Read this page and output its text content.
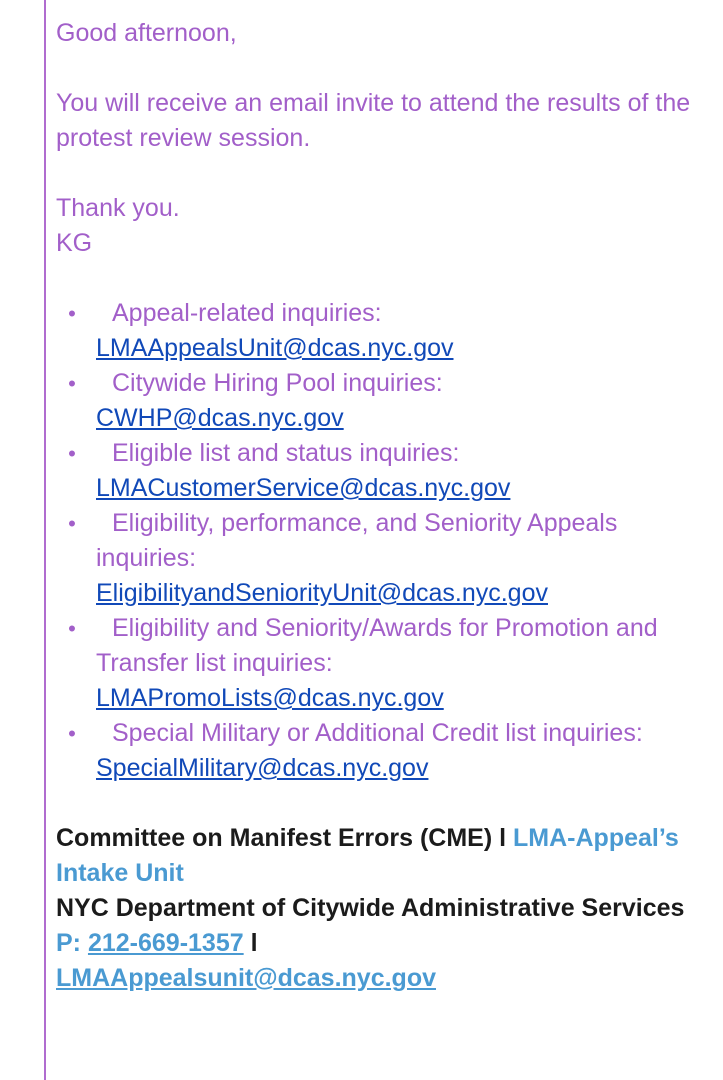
Good afternoon,

You will receive an email invite to attend the results of the protest review session.

Thank you.

KG

• Appeal-related inquiries:
LMAAppealsUnit@dcas.nyc.gov
• Citywide Hiring Pool inquiries:
CWHP@dcas.nyc.gov
• Eligible list and status inquiries:
LMACustomerService@dcas.nyc.gov
• Eligibility, performance, and Seniority Appeals inquiries:
EligibilityandSeniorityUnit@dcas.nyc.gov
• Eligibility and Seniority/Awards for Promotion and Transfer list inquiries:
LMAPromoLists@dcas.nyc.gov
• Special Military or Additional Credit list inquiries: SpecialMilitary@dcas.nyc.gov
Committee on Manifest Errors (CME) l LMA-Appeal’s Intake Unit
NYC Department of Citywide Administrative Services
P: 212-669-1357 l
LMAAppealsunit@dcas.nyc.gov
